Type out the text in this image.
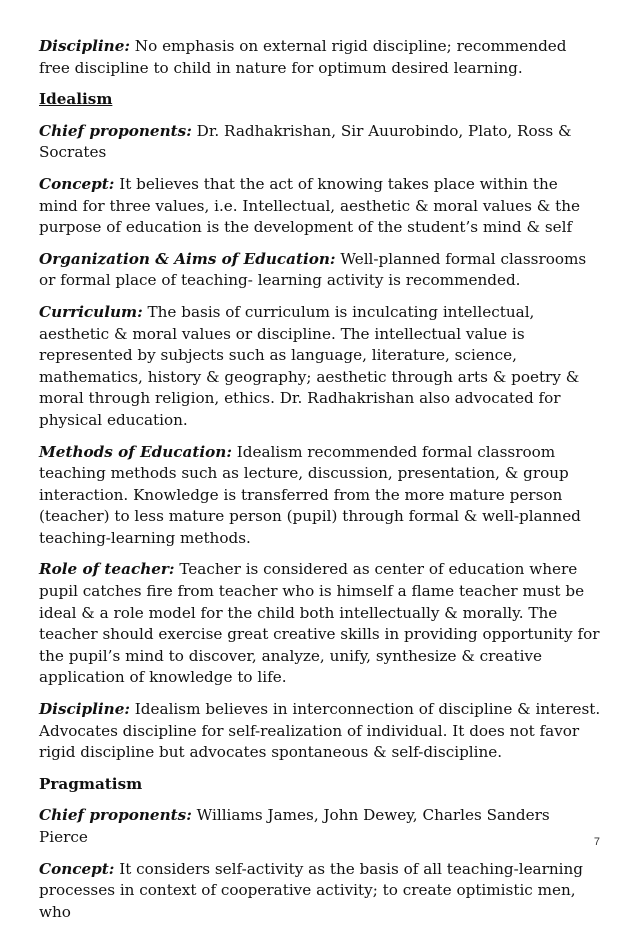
Discipline: No emphasis on external rigid discipline; recommended free discipline to child in nature for optimum desired learning.

Idealism

Chief proponents: Dr. Radhakrishan, Sir Auurobindo, Plato, Ross & Socrates

Concept: It believes that the act of knowing takes place within the mind for three values, i.e. Intellectual, aesthetic & moral values & the purpose of education is the development of the student’s mind & self

Organization & Aims of Education: Well-planned formal classrooms or formal place of teaching- learning activity is recommended.

Curriculum: The basis of curriculum is inculcating intellectual, aesthetic & moral values or discipline. The intellectual value is represented by subjects such as language, literature, science, mathematics, history & geography; aesthetic through arts & poetry & moral through religion, ethics. Dr. Radhakrishan also advocated for physical education.

Methods of Education: Idealism recommended formal classroom teaching methods such as lecture, discussion, presentation, & group interaction. Knowledge is transferred from the more mature person (teacher) to less mature person (pupil) through formal & well-planned teaching-learning methods.

Role of teacher: Teacher is considered as center of education where pupil catches fire from teacher who is himself a flame teacher must be ideal & a role model for the child both intellectually & morally. The teacher should exercise great creative skills in providing opportunity for the pupil’s mind to discover, analyze, unify, synthesize & creative application of knowledge to life.

Discipline: Idealism believes in interconnection of discipline & interest. Advocates discipline for self-realization of individual. It does not favor rigid discipline but advocates spontaneous & self-discipline.

Pragmatism

Chief proponents: Williams James, John Dewey, Charles Sanders Pierce

Concept: It considers self-activity as the basis of all teaching-learning processes in context of cooperative activity; to create optimistic men, who

7
